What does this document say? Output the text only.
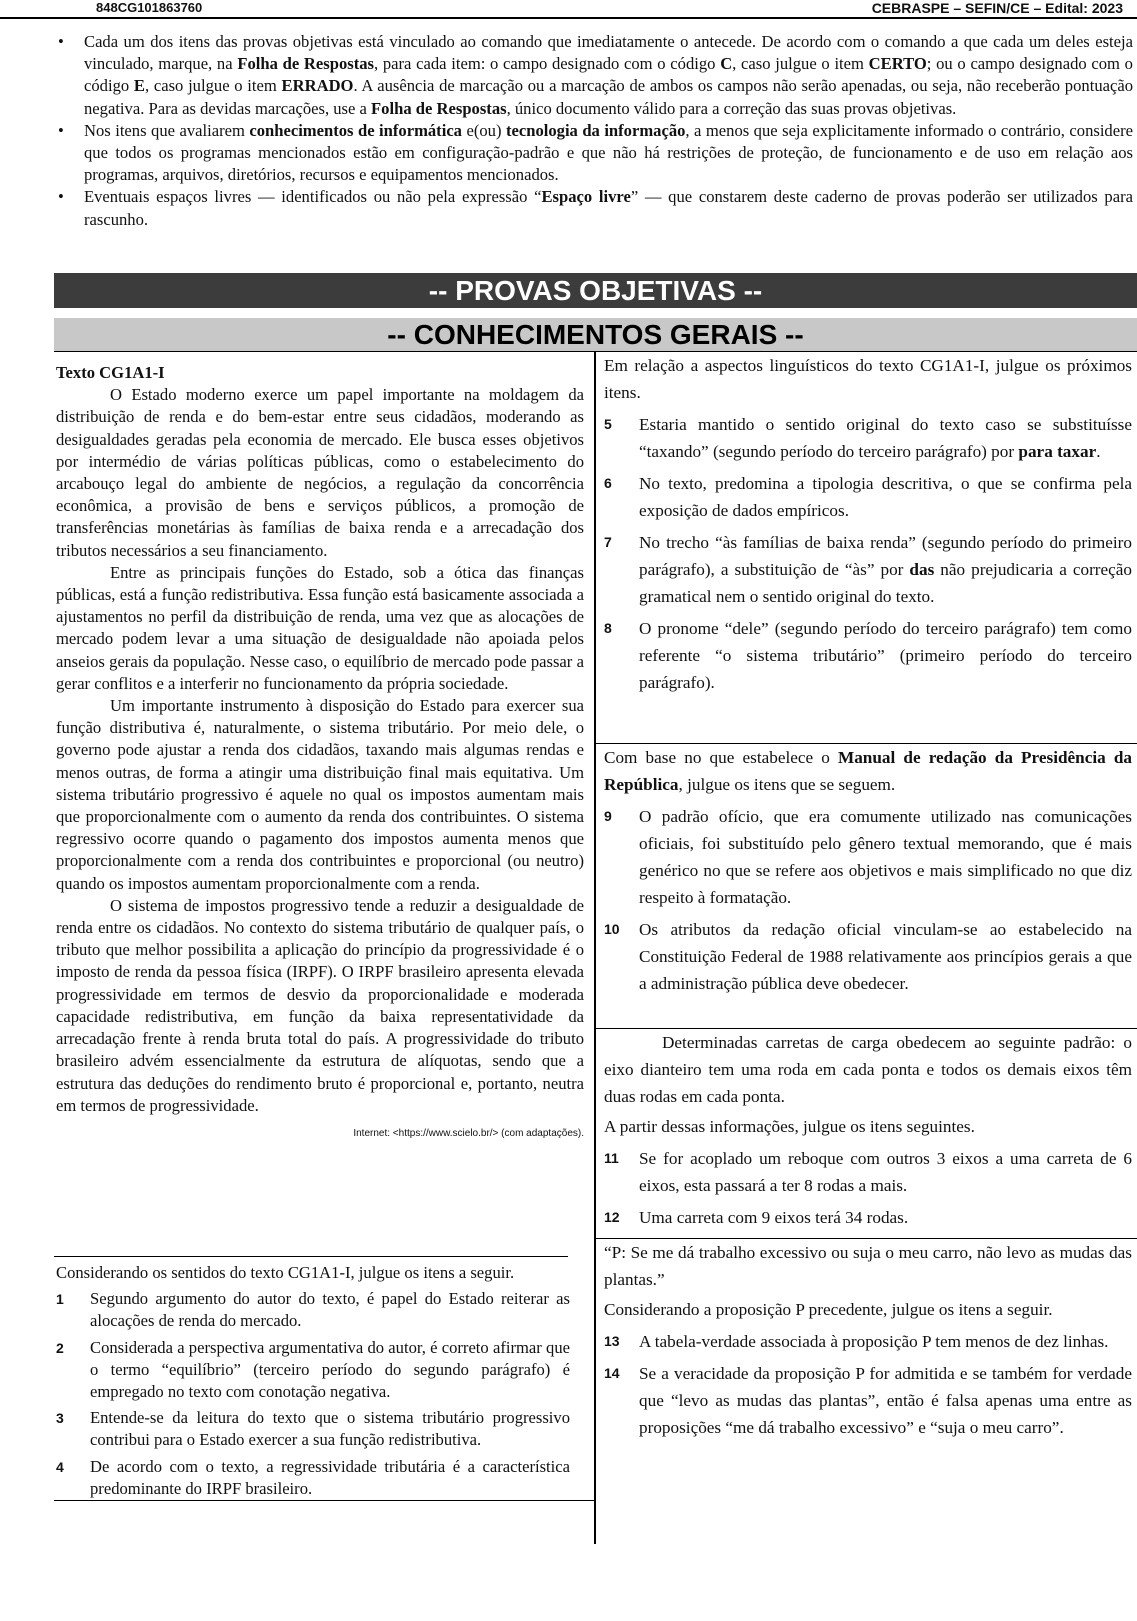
848CG101863760	CEBRASPE – SEFIN/CE – Edital: 2023
• Cada um dos itens das provas objetivas está vinculado ao comando que imediatamente o antecede. De acordo com o comando a que cada um deles esteja vinculado, marque, na Folha de Respostas, para cada item: o campo designado com o código C, caso julgue o item CERTO; ou o campo designado com o código E, caso julgue o item ERRADO. A ausência de marcação ou a marcação de ambos os campos não serão apenadas, ou seja, não receberão pontuação negativa. Para as devidas marcações, use a Folha de Respostas, único documento válido para a correção das suas provas objetivas.
• Nos itens que avaliarem conhecimentos de informática e(ou) tecnologia da informação, a menos que seja explicitamente informado o contrário, considere que todos os programas mencionados estão em configuração-padrão e que não há restrições de proteção, de funcionamento e de uso em relação aos programas, arquivos, diretórios, recursos e equipamentos mencionados.
• Eventuais espaços livres — identificados ou não pela expressão “Espaço livre” — que constarem deste caderno de provas poderão ser utilizados para rascunho.
-- PROVAS OBJETIVAS --
-- CONHECIMENTOS GERAIS --
Texto CG1A1-I

O Estado moderno exerce um papel importante na moldagem da distribuição de renda e do bem-estar entre seus cidadãos, moderando as desigualdades geradas pela economia de mercado. Ele busca esses objetivos por intermédio de várias políticas públicas, como o estabelecimento do arcabouço legal do ambiente de negócios, a regulação da concorrência econômica, a provisão de bens e serviços públicos, a promoção de transferências monetárias às famílias de baixa renda e a arrecadação dos tributos necessários a seu financiamento.

Entre as principais funções do Estado, sob a ótica das finanças públicas, está a função redistributiva. Essa função está basicamente associada a ajustamentos no perfil da distribuição de renda, uma vez que as alocações de mercado podem levar a uma situação de desigualdade não apoiada pelos anseios gerais da população. Nesse caso, o equilíbrio de mercado pode passar a gerar conflitos e a interferir no funcionamento da própria sociedade.

Um importante instrumento à disposição do Estado para exercer sua função distributiva é, naturalmente, o sistema tributário. Por meio dele, o governo pode ajustar a renda dos cidadãos, taxando mais algumas rendas e menos outras, de forma a atingir uma distribuição final mais equitativa. Um sistema tributário progressivo é aquele no qual os impostos aumentam mais que proporcionalmente com o aumento da renda dos contribuintes. O sistema regressivo ocorre quando o pagamento dos impostos aumenta menos que proporcionalmente com a renda dos contribuintes e proporcional (ou neutro) quando os impostos aumentam proporcionalmente com a renda.

O sistema de impostos progressivo tende a reduzir a desigualdade de renda entre os cidadãos. No contexto do sistema tributário de qualquer país, o tributo que melhor possibilita a aplicação do princípio da progressividade é o imposto de renda da pessoa física (IRPF). O IRPF brasileiro apresenta elevada progressividade em termos de desvio da proporcionalidade e moderada capacidade redistributiva, em função da baixa representatividade da arrecadação frente à renda bruta total do país. A progressividade do tributo brasileiro advém essencialmente da estrutura de alíquotas, sendo que a estrutura das deduções do rendimento bruto é proporcional e, portanto, neutra em termos de progressividade.

Internet: <https://www.scielo.br/> (com adaptações).

Considerando os sentidos do texto CG1A1-I, julgue os itens a seguir.

1 Segundo argumento do autor do texto, é papel do Estado reiterar as alocações de renda do mercado.
2 Considerada a perspectiva argumentativa do autor, é correto afirmar que o termo “equilíbrio” (terceiro período do segundo parágrafo) é empregado no texto com conotação negativa.
3 Entende-se da leitura do texto que o sistema tributário progressivo contribui para o Estado exercer a sua função redistributiva.
4 De acordo com o texto, a regressividade tributária é a característica predominante do IRPF brasileiro.

Em relação a aspectos linguísticos do texto CG1A1-I, julgue os próximos itens.

5 Estaria mantido o sentido original do texto caso se substituísse “taxando” (segundo período do terceiro parágrafo) por para taxar.
6 No texto, predomina a tipologia descritiva, o que se confirma pela exposição de dados empíricos.
7 No trecho “às famílias de baixa renda” (segundo período do primeiro parágrafo), a substituição de “às” por das não prejudicaria a correção gramatical nem o sentido original do texto.
8 O pronome “dele” (segundo período do terceiro parágrafo) tem como referente “o sistema tributário” (primeiro período do terceiro parágrafo).

Com base no que estabelece o Manual de redação da Presidência da República, julgue os itens que se seguem.

9 O padrão ofício, que era comumente utilizado nas comunicações oficiais, foi substituído pelo gênero textual memorando, que é mais genérico no que se refere aos objetivos e mais simplificado no que diz respeito à formatação.
10 Os atributos da redação oficial vinculam-se ao estabelecido na Constituição Federal de 1988 relativamente aos princípios gerais a que a administração pública deve obedecer.

Determinadas carretas de carga obedecem ao seguinte padrão: o eixo dianteiro tem uma roda em cada ponta e todos os demais eixos têm duas rodas em cada ponta.

A partir dessas informações, julgue os itens seguintes.

11 Se for acoplado um reboque com outros 3 eixos a uma carreta de 6 eixos, esta passará a ter 8 rodas a mais.
12 Uma carreta com 9 eixos terá 34 rodas.

“P: Se me dá trabalho excessivo ou suja o meu carro, não levo as mudas das plantas.”

Considerando a proposição P precedente, julgue os itens a seguir.

13 A tabela-verdade associada à proposição P tem menos de dez linhas.
14 Se a veracidade da proposição P for admitida e se também for verdade que “levo as mudas das plantas”, então é falsa apenas uma entre as proposições “me dá trabalho excessivo” e “suja o meu carro”.
